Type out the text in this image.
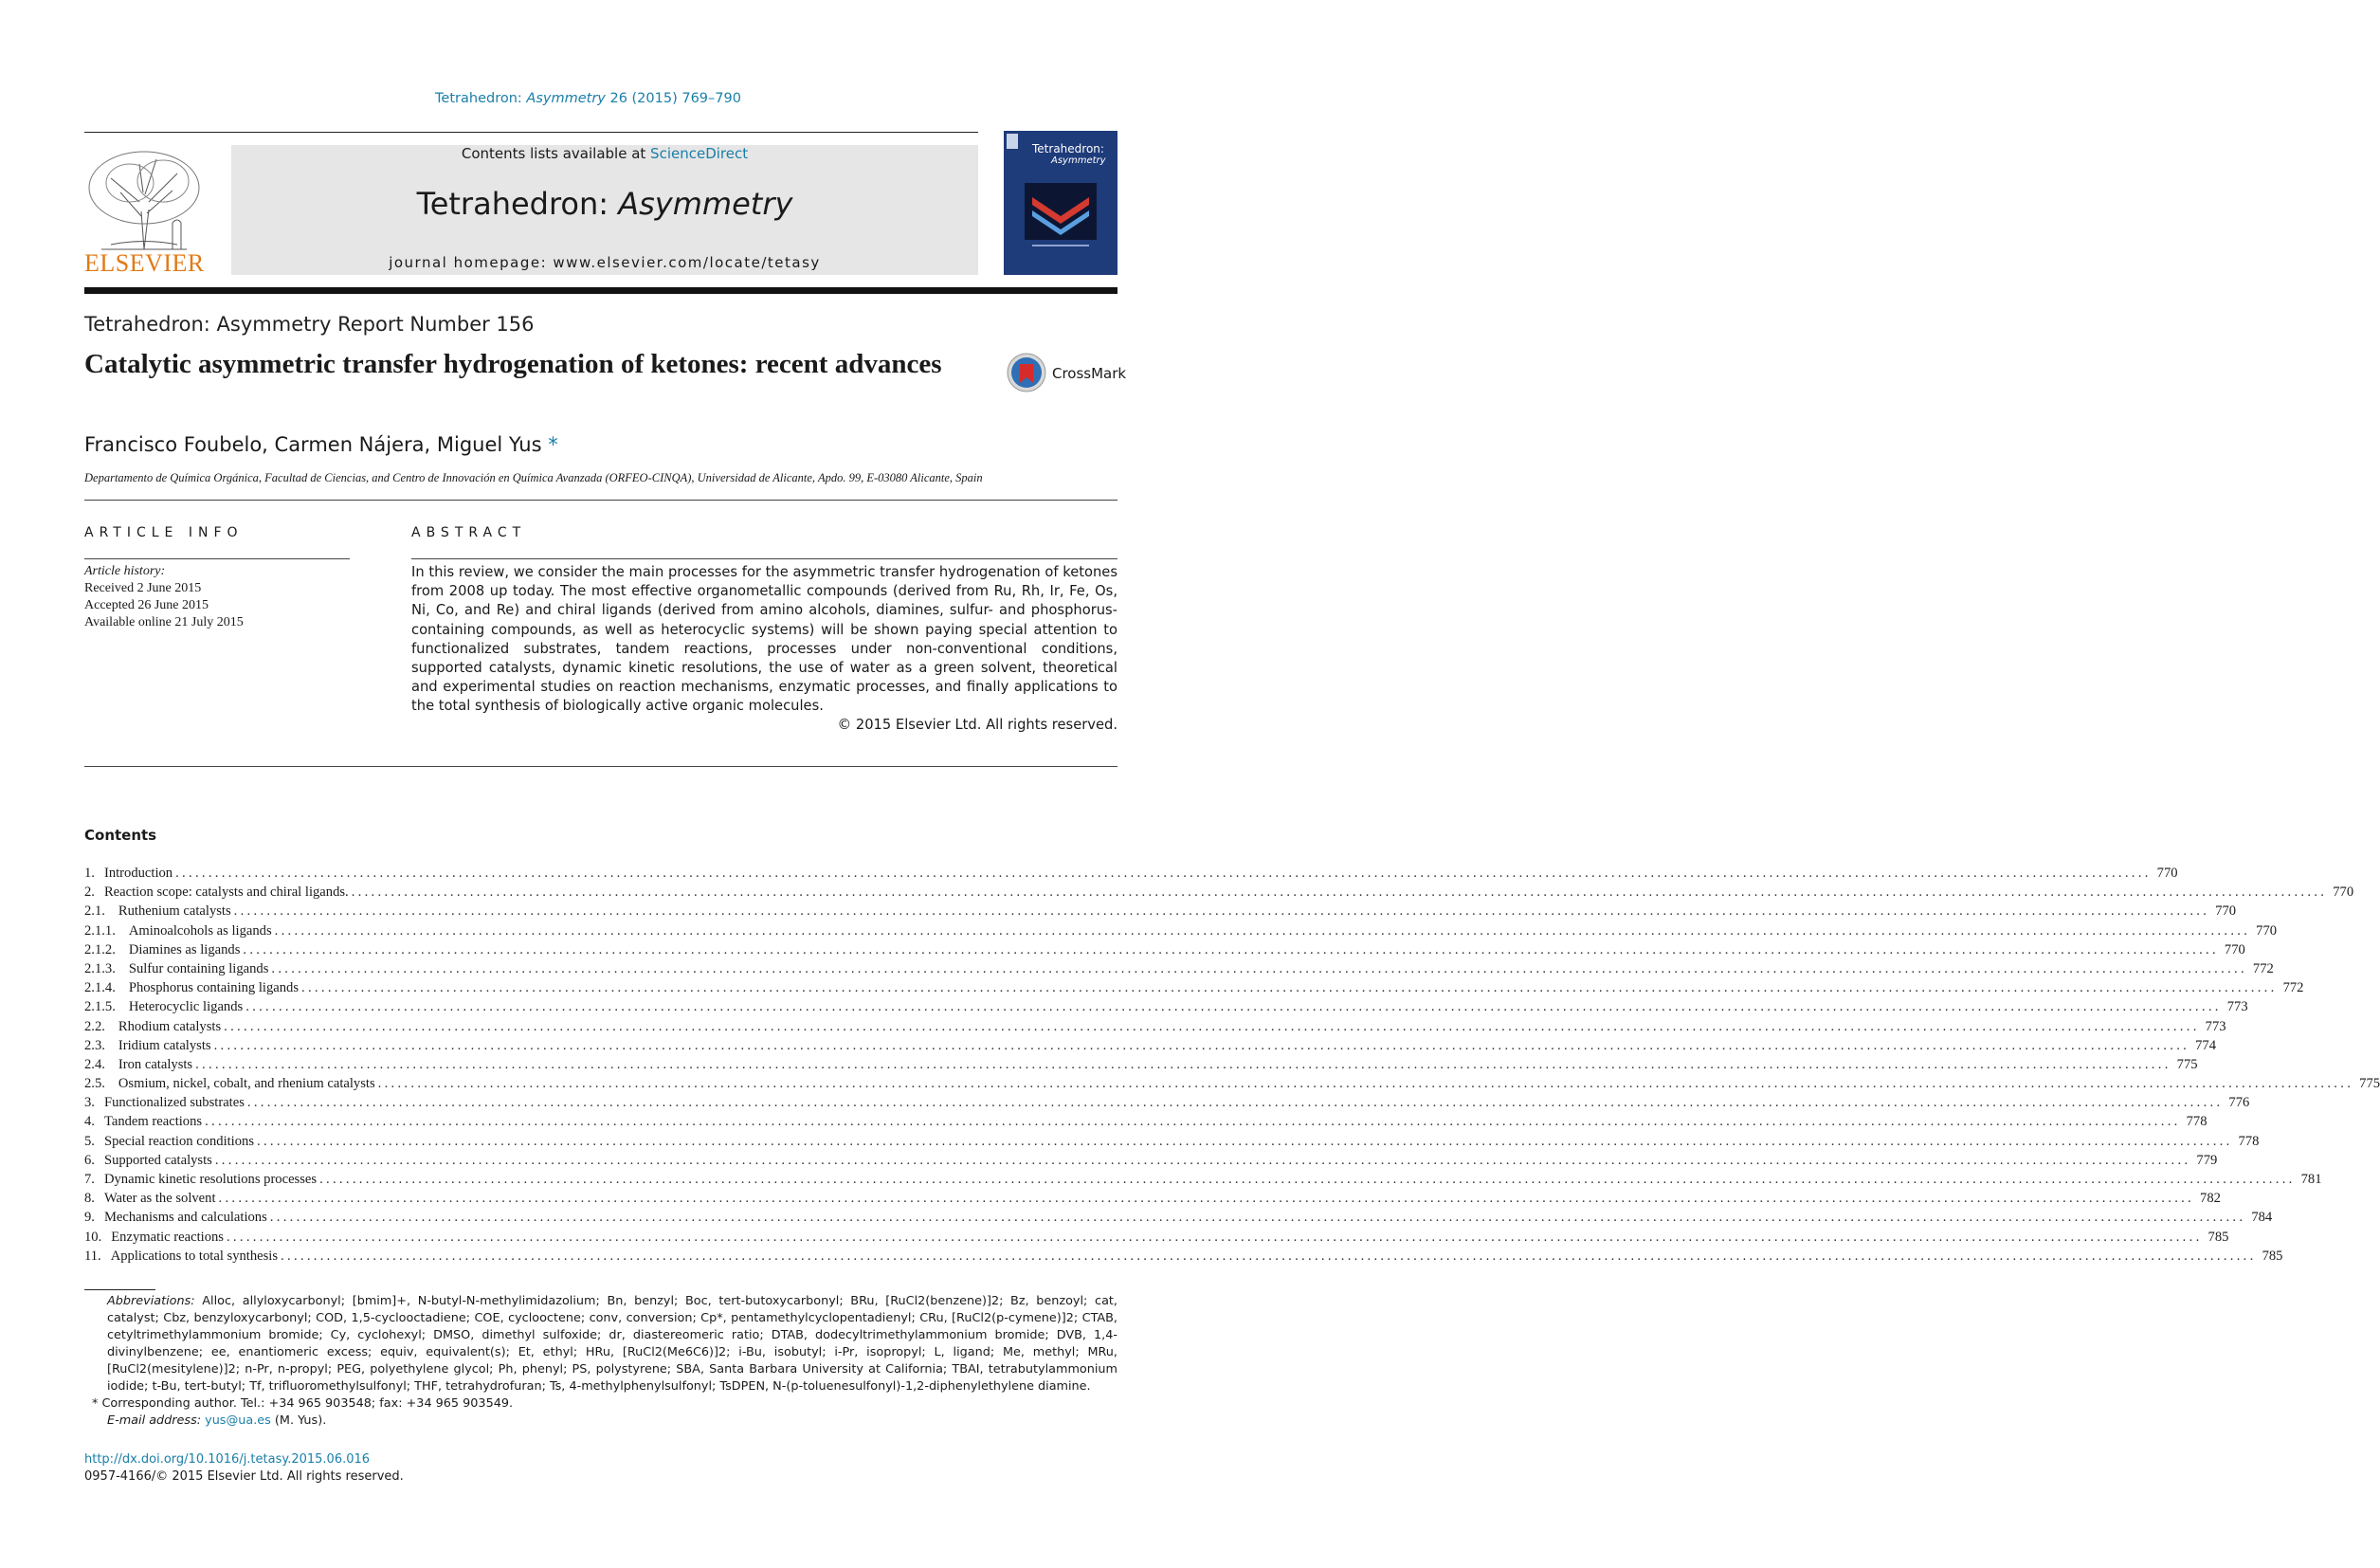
Tetrahedron: Asymmetry 26 (2015) 769–790
ELSEVIER
Contents lists available at ScienceDirect
Tetrahedron: Asymmetry
journal homepage: www.elsevier.com/locate/tetasy
Tetrahedron:
Asymmetry
Tetrahedron: Asymmetry Report Number 156
Catalytic asymmetric transfer hydrogenation of ketones: recent advances	CrossMark
Francisco Foubelo, Carmen Nájera, Miguel Yus *
Departamento de Química Orgánica, Facultad de Ciencias, and Centro de Innovación en Química Avanzada (ORFEO-CINQA), Universidad de Alicante, Apdo. 99, E-03080 Alicante, Spain
ARTICLE INFO	ABSTRACT
Article history:
Received 2 June 2015
Accepted 26 June 2015
Available online 21 July 2015
In this review, we consider the main processes for the asymmetric transfer hydrogenation of ketones from 2008 up today. The most effective organometallic compounds (derived from Ru, Rh, Ir, Fe, Os, Ni, Co, and Re) and chiral ligands (derived from amino alcohols, diamines, sulfur- and phosphorus-containing compounds, as well as heterocyclic systems) will be shown paying special attention to functionalized substrates, tandem reactions, processes under non-conventional conditions, supported catalysts, dynamic kinetic resolutions, the use of water as a green solvent, theoretical and experimental studies on reaction mechanisms, enzymatic processes, and finally applications to the total synthesis of biologically active organic molecules.
© 2015 Elsevier Ltd. All rights reserved.
Contents
1. Introduction ............................................................................................................................................................................................................................................................................................................ 770
2. Reaction scope: catalysts and chiral ligands. ............................................................................................................................................................................................................................................................................................................ 770
2.1. Ruthenium catalysts ............................................................................................................................................................................................................................................................................................................ 770
2.1.1. Aminoalcohols as ligands ............................................................................................................................................................................................................................................................................................................ 770
2.1.2. Diamines as ligands ............................................................................................................................................................................................................................................................................................................ 770
2.1.3. Sulfur containing ligands ............................................................................................................................................................................................................................................................................................................ 772
2.1.4. Phosphorus containing ligands ............................................................................................................................................................................................................................................................................................................ 772
2.1.5. Heterocyclic ligands ............................................................................................................................................................................................................................................................................................................ 773
2.2. Rhodium catalysts ............................................................................................................................................................................................................................................................................................................ 773
2.3. Iridium catalysts ............................................................................................................................................................................................................................................................................................................ 774
2.4. Iron catalysts ............................................................................................................................................................................................................................................................................................................ 775
2.5. Osmium, nickel, cobalt, and rhenium catalysts ............................................................................................................................................................................................................................................................................................................ 775
3. Functionalized substrates ............................................................................................................................................................................................................................................................................................................ 776
4. Tandem reactions ............................................................................................................................................................................................................................................................................................................ 778
5. Special reaction conditions ............................................................................................................................................................................................................................................................................................................ 778
6. Supported catalysts ............................................................................................................................................................................................................................................................................................................ 779
7. Dynamic kinetic resolutions processes ............................................................................................................................................................................................................................................................................................................ 781
8. Water as the solvent ............................................................................................................................................................................................................................................................................................................ 782
9. Mechanisms and calculations ............................................................................................................................................................................................................................................................................................................ 784
10. Enzymatic reactions ............................................................................................................................................................................................................................................................................................................ 785
11. Applications to total synthesis ............................................................................................................................................................................................................................................................................................................ 785
Abbreviations: Alloc, allyloxycarbonyl; [bmim]+, N-butyl-N-methylimidazolium; Bn, benzyl; Boc, tert-butoxycarbonyl; BRu, [RuCl2(benzene)]2; Bz, benzoyl; cat, catalyst; Cbz, benzyloxycarbonyl; COD, 1,5-cyclooctadiene; COE, cyclooctene; conv, conversion; Cp*, pentamethylcyclopentadienyl; CRu, [RuCl2(p-cymene)]2; CTAB, cetyltrimethylammonium bromide; Cy, cyclohexyl; DMSO, dimethyl sulfoxide; dr, diastereomeric ratio; DTAB, dodecyltrimethylammonium bromide; DVB, 1,4-divinylbenzene; ee, enantiomeric excess; equiv, equivalent(s); Et, ethyl; HRu, [RuCl2(Me6C6)]2; i-Bu, isobutyl; i-Pr, isopropyl; L, ligand; Me, methyl; MRu, [RuCl2(mesitylene)]2; n-Pr, n-propyl; PEG, polyethylene glycol; Ph, phenyl; PS, polystyrene; SBA, Santa Barbara University at California; TBAI, tetrabutylammonium iodide; t-Bu, tert-butyl; Tf, trifluoromethylsulfonyl; THF, tetrahydrofuran; Ts, 4-methylphenylsulfonyl; TsDPEN, N-(p-toluenesulfonyl)-1,2-diphenylethylene diamine.
* Corresponding author. Tel.: +34 965 903548; fax: +34 965 903549.
E-mail address: yus@ua.es (M. Yus).
http://dx.doi.org/10.1016/j.tetasy.2015.06.016
0957-4166/© 2015 Elsevier Ltd. All rights reserved.
